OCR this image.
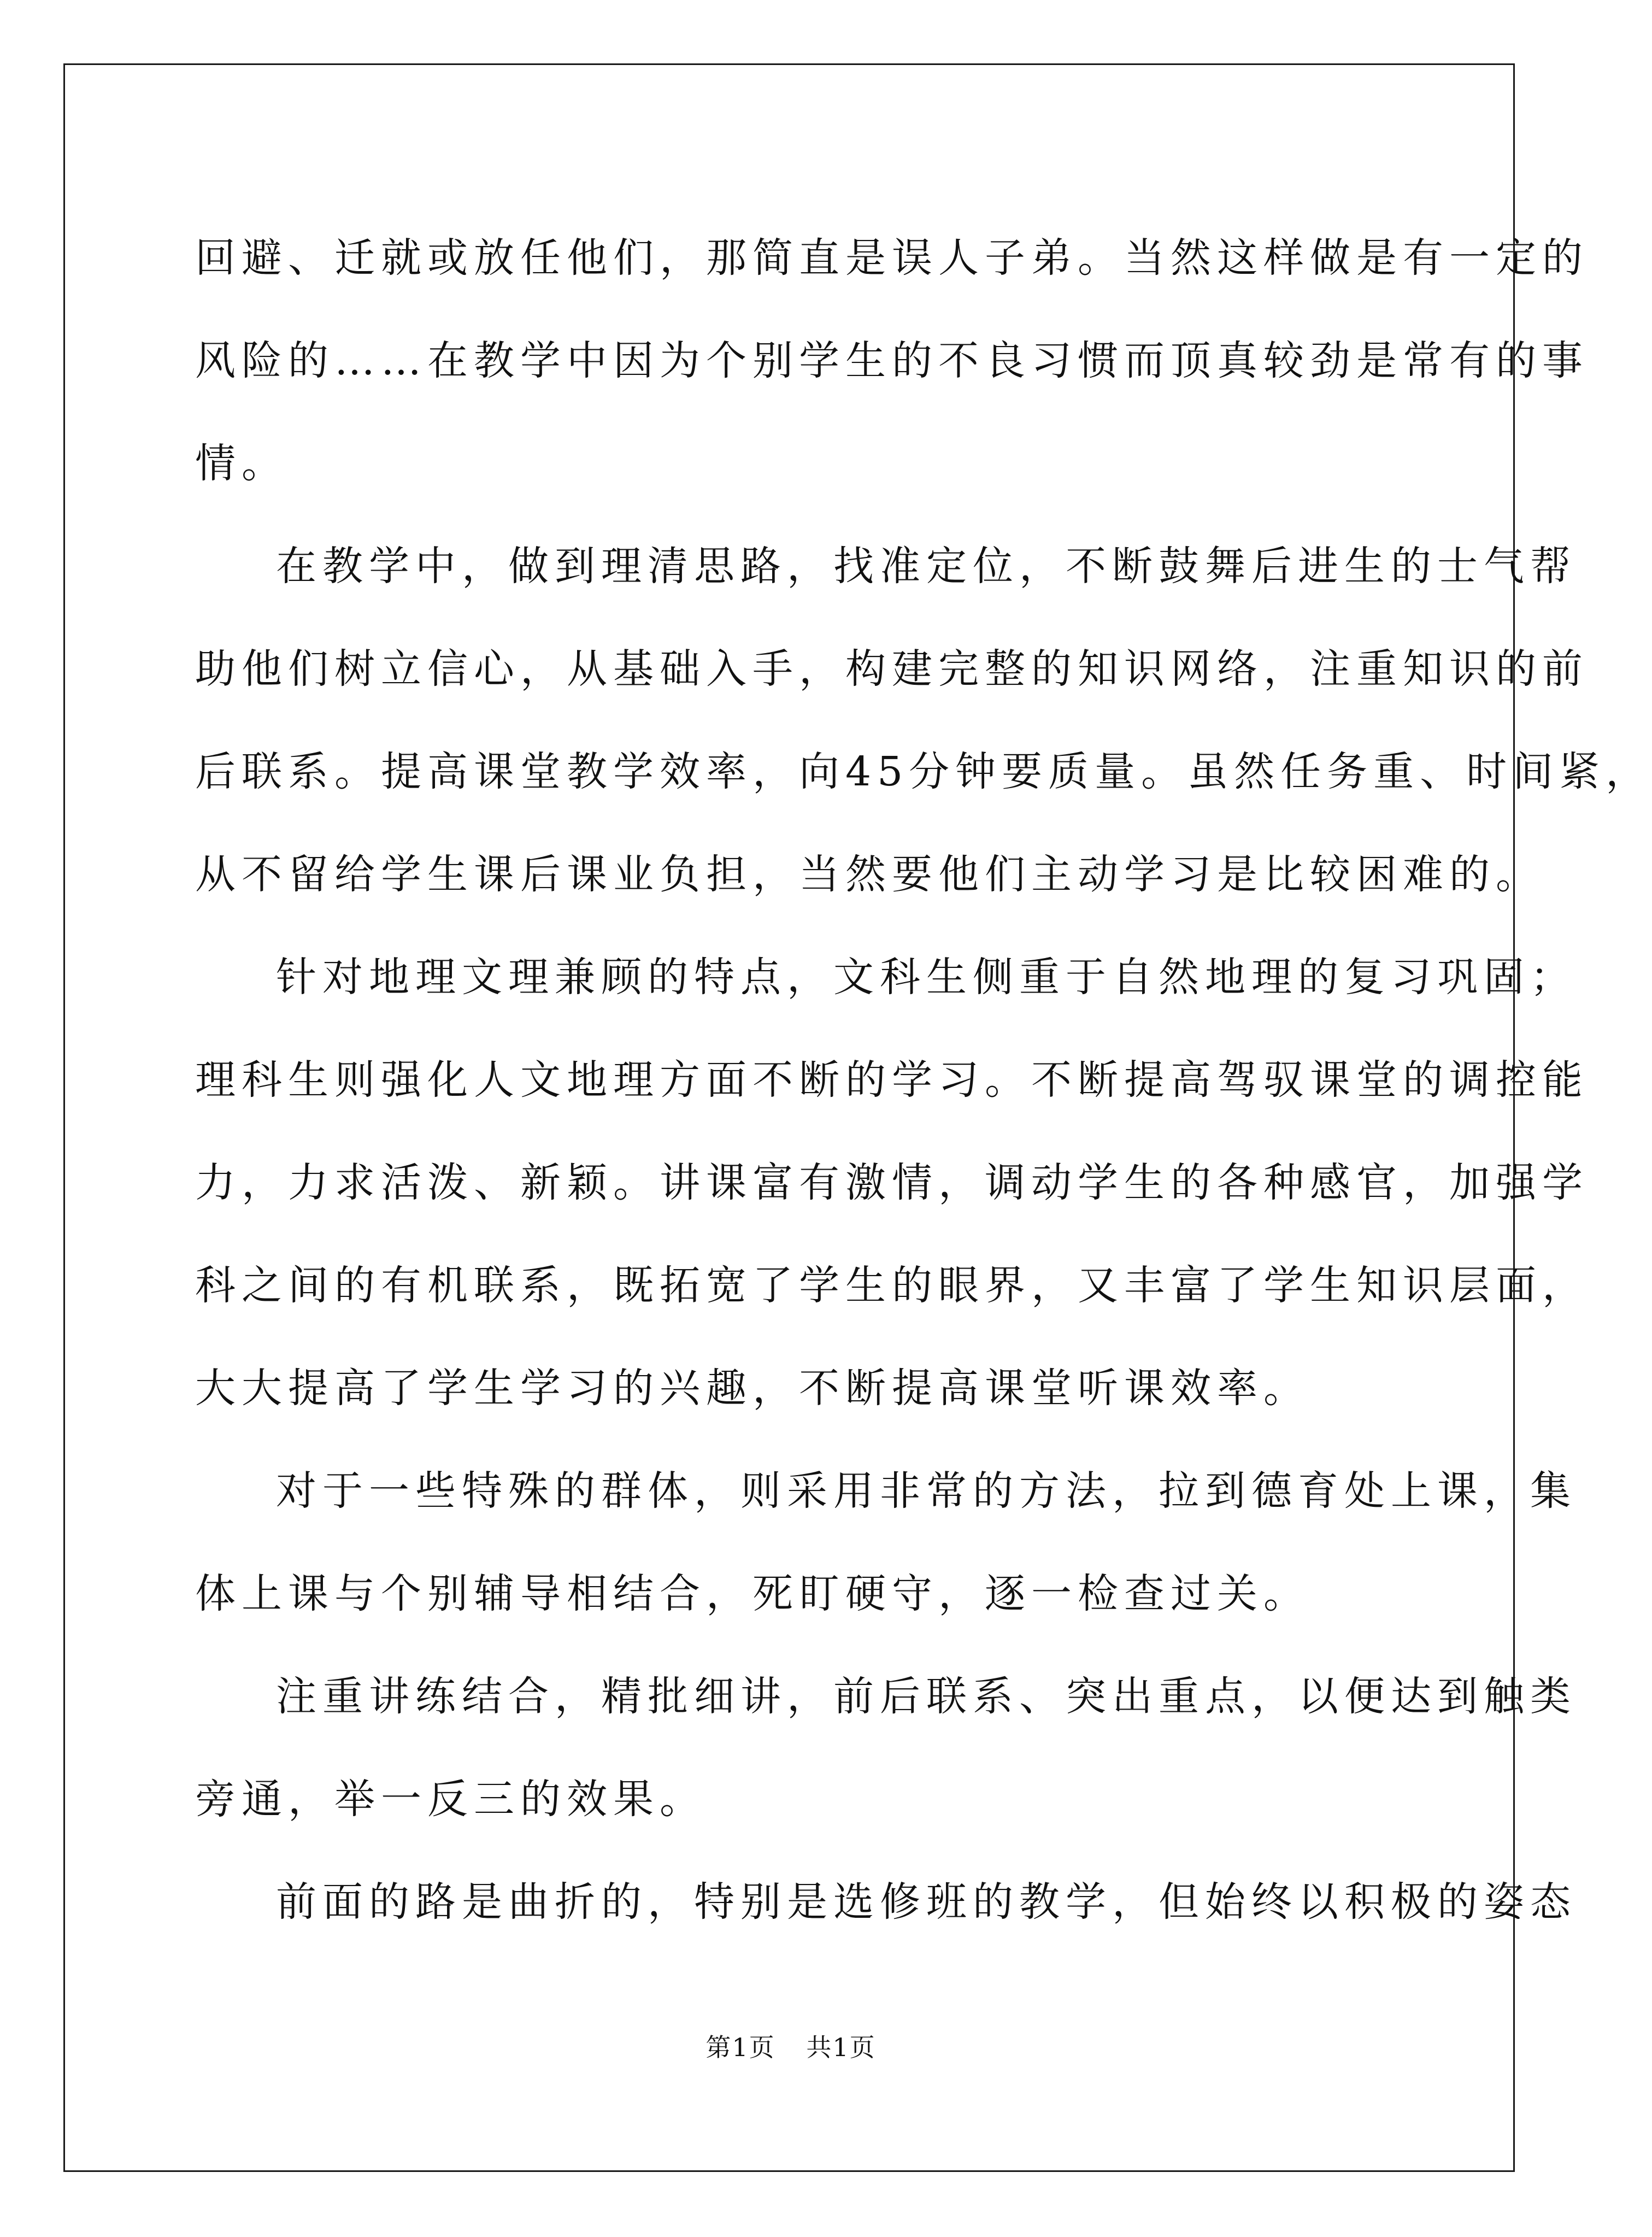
回避、迁就或放任他们，那简直是误人子弟。当然这样做是有一定的
风险的……在教学中因为个别学生的不良习惯而顶真较劲是常有的事
情。
在教学中，做到理清思路，找准定位，不断鼓舞后进生的士气帮
助他们树立信心，从基础入手，构建完整的知识网络，注重知识的前
后联系。提高课堂教学效率，向45分钟要质量。虽然任务重、时间紧，
从不留给学生课后课业负担，当然要他们主动学习是比较困难的。
针对地理文理兼顾的特点，文科生侧重于自然地理的复习巩固；
理科生则强化人文地理方面不断的学习。不断提高驾驭课堂的调控能
力，力求活泼、新颖。讲课富有激情，调动学生的各种感官，加强学
科之间的有机联系，既拓宽了学生的眼界，又丰富了学生知识层面，
大大提高了学生学习的兴趣，不断提高课堂听课效率。
对于一些特殊的群体，则采用非常的方法，拉到德育处上课，集
体上课与个别辅导相结合，死盯硬守，逐一检查过关。
注重讲练结合，精批细讲，前后联系、突出重点，以便达到触类
旁通，举一反三的效果。
前面的路是曲折的，特别是选修班的教学，但始终以积极的姿态
第1页 共1页
